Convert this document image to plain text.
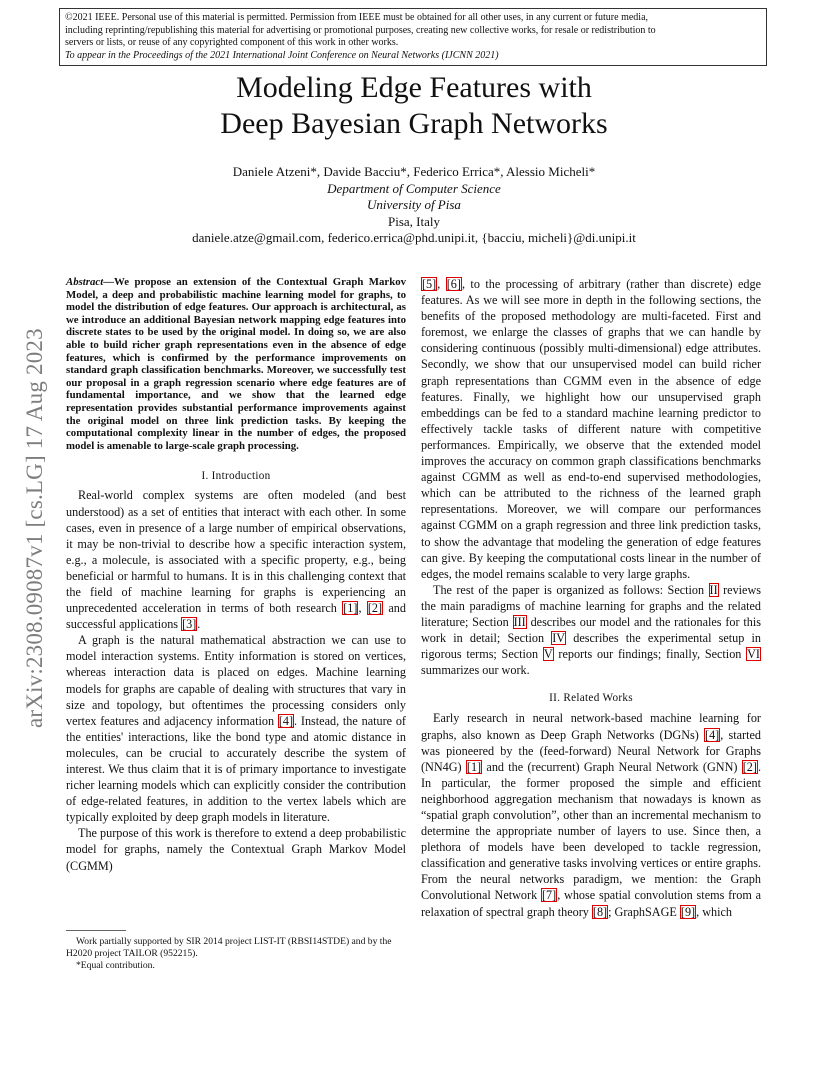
©2021 IEEE. Personal use of this material is permitted. Permission from IEEE must be obtained for all other uses, in any current or future media,
including reprinting/republishing this material for advertising or promotional purposes, creating new collective works, for resale or redistribution to
servers or lists, or reuse of any copyrighted component of this work in other works.
To appear in the Proceedings of the 2021 International Joint Conference on Neural Networks (IJCNN 2021)
Modeling Edge Features with
Deep Bayesian Graph Networks
Daniele Atzeni*, Davide Bacciu*, Federico Errica*, Alessio Micheli*
Department of Computer Science
University of Pisa
Pisa, Italy
daniele.atze@gmail.com, federico.errica@phd.unipi.it, {bacciu, micheli}@di.unipi.it
arXiv:2308.09087v1 [cs.LG] 17 Aug 2023

Abstract—We propose an extension of the Contextual Graph Markov Model, a deep and probabilistic machine learning model for graphs, to model the distribution of edge features. Our approach is architectural, as we introduce an additional Bayesian network mapping edge features into discrete states to be used by the original model. In doing so, we are also able to build richer graph representations even in the absence of edge features, which is confirmed by the performance improvements on standard graph classification benchmarks. Moreover, we successfully test our proposal in a graph regression scenario where edge features are of fundamental importance, and we show that the learned edge representation provides substantial performance improvements against the original model on three link prediction tasks. By keeping the computational complexity linear in the number of edges, the proposed model is amenable to large-scale graph processing.

I. Introduction

Real-world complex systems are often modeled (and best understood) as a set of entities that interact with each other. In some cases, even in presence of a large number of empirical observations, it may be non-trivial to describe how a specific interaction system, e.g., a molecule, is associated with a specific property, e.g., being beneficial or harmful to humans. It is in this challenging context that the field of machine learning for graphs is experiencing an unprecedented acceleration in terms of both research [1], [2] and successful applications [3].

A graph is the natural mathematical abstraction we can use to model interaction systems. Entity information is stored on vertices, whereas interaction data is placed on edges. Machine learning models for graphs are capable of dealing with structures that vary in size and topology, but oftentimes the processing considers only vertex features and adjacency information [4]. Instead, the nature of the entities' interactions, like the bond type and atomic distance in molecules, can be crucial to accurately describe the system of interest. We thus claim that it is of primary importance to investigate richer learning models which can explicitly consider the contribution of edge-related features, in addition to the vertex labels which are typically exploited by deep graph models in literature.

The purpose of this work is therefore to extend a deep probabilistic model for graphs, namely the Contextual Graph Markov Model (CGMM)

Work partially supported by SIR 2014 project LIST-IT (RBSI14STDE) and by the H2020 project TAILOR (952215).

*Equal contribution.

[5], [6], to the processing of arbitrary (rather than discrete) edge features. As we will see more in depth in the following sections, the benefits of the proposed methodology are multi-faceted. First and foremost, we enlarge the classes of graphs that we can handle by considering continuous (possibly multi-dimensional) edge attributes. Secondly, we show that our unsupervised model can build richer graph representations than CGMM even in the absence of edge features. Finally, we highlight how our unsupervised graph embeddings can be fed to a standard machine learning predictor to effectively tackle tasks of different nature with competitive performances. Empirically, we observe that the extended model improves the accuracy on common graph classifications benchmarks against CGMM as well as end-to-end supervised methodologies, which can be attributed to the richness of the learned graph representations. Moreover, we will compare our performances against CGMM on a graph regression and three link prediction tasks, to show the advantage that modeling the generation of edge features can give. By keeping the computational costs linear in the number of edges, the model remains scalable to very large graphs.

The rest of the paper is organized as follows: Section II reviews the main paradigms of machine learning for graphs and the related literature; Section III describes our model and the rationales for this work in detail; Section IV describes the experimental setup in rigorous terms; Section V reports our findings; finally, Section VI summarizes our work.

II. Related Works

Early research in neural network-based machine learning for graphs, also known as Deep Graph Networks (DGNs) [4], started was pioneered by the (feed-forward) Neural Network for Graphs (NN4G) [1] and the (recurrent) Graph Neural Network (GNN) [2]. In particular, the former proposed the simple and efficient neighborhood aggregation mechanism that nowadays is known as “spatial graph convolution”, other than an incremental mechanism to determine the appropriate number of layers to use. Since then, a plethora of models have been developed to tackle regression, classification and generative tasks involving vertices or entire graphs. From the neural networks paradigm, we mention: the Graph Convolutional Network [7], whose spatial convolution stems from a relaxation of spectral graph theory [8]; GraphSAGE [9], which
